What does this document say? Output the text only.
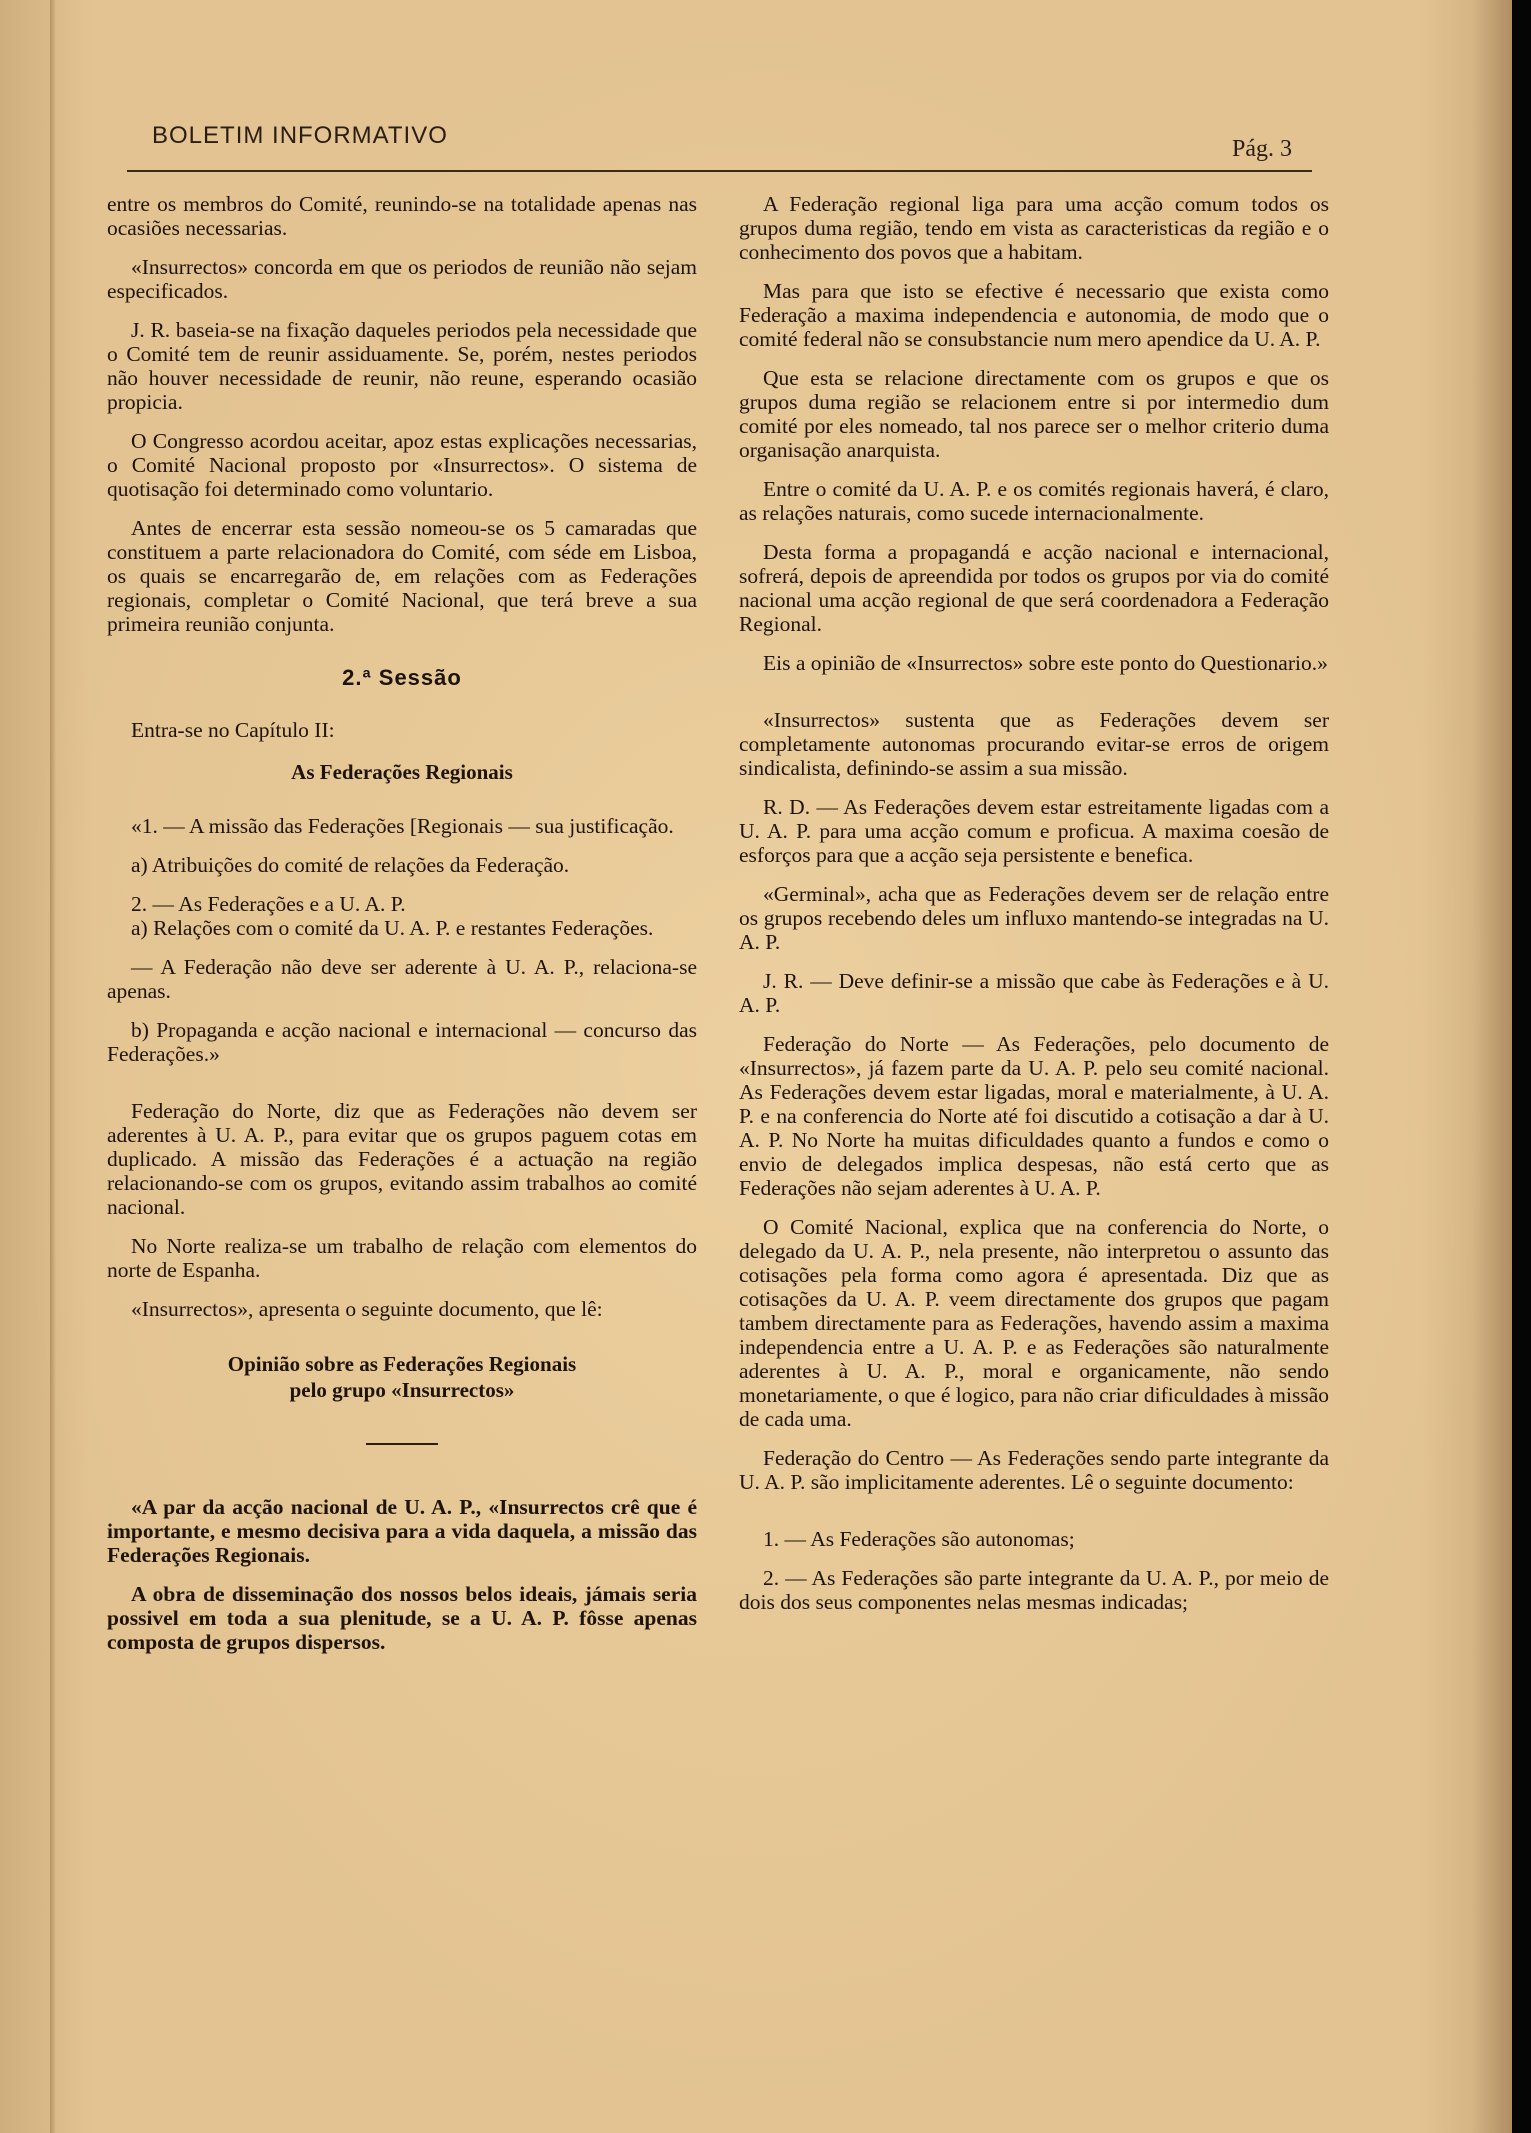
BOLETIM INFORMATIVO	Pág. 3

entre os membros do Comité, reunindo-se na totalidade apenas nas ocasiões necessarias.

«Insurrectos» concorda em que os periodos de reunião não sejam especificados.

J. R. baseia-se na fixação daqueles periodos pela necessidade que o Comité tem de reunir assiduamente. Se, porém, nestes periodos não houver necessidade de reunir, não reune, esperando ocasião propicia.

O Congresso acordou aceitar, apoz estas explicações necessarias, o Comité Nacional proposto por «Insurrectos». O sistema de quotisação foi determinado como voluntario.

Antes de encerrar esta sessão nomeou-se os 5 camaradas que constituem a parte relacionadora do Comité, com séde em Lisboa, os quais se encarregarão de, em relações com as Federações regionais, completar o Comité Nacional, que terá breve a sua primeira reunião conjunta.

2.ª Sessão

Entra-se no Capítulo II:

As Federações Regionais

«1. — A missão das Federações [Regionais — sua justificação.

a) Atribuições do comité de relações da Federação.

2. — As Federações e a U. A. P.

a) Relações com o comité da U. A. P. e restantes Federações.

— A Federação não deve ser aderente à U. A. P., relaciona-se apenas.

b) Propaganda e acção nacional e internacional — concurso das Federações.»

Federação do Norte, diz que as Federações não devem ser aderentes à U. A. P., para evitar que os grupos paguem cotas em duplicado. A missão das Federações é a actuação na região relacionando-se com os grupos, evitando assim trabalhos ao comité nacional.

No Norte realiza-se um trabalho de relação com elementos do norte de Espanha.

«Insurrectos», apresenta o seguinte documento, que lê:

Opinião sobre as Federações Regionais
pelo grupo «Insurrectos»

«A par da acção nacional de U. A. P., «Insurrectos crê que é importante, e mesmo decisiva para a vida daquela, a missão das Federações Regionais.

A obra de disseminação dos nossos belos ideais, jámais seria possivel em toda a sua plenitude, se a U. A. P. fôsse apenas composta de grupos dispersos.

A Federação regional liga para uma acção comum todos os grupos duma região, tendo em vista as caracteristicas da região e o conhecimento dos povos que a habitam.

Mas para que isto se efective é necessario que exista como Federação a maxima independencia e autonomia, de modo que o comité federal não se consubstancie num mero apendice da U. A. P.

Que esta se relacione directamente com os grupos e que os grupos duma região se relacionem entre si por intermedio dum comité por eles nomeado, tal nos parece ser o melhor criterio duma organisação anarquista.

Entre o comité da U. A. P. e os comités regionais haverá, é claro, as relações naturais, como sucede internacionalmente.

Desta forma a propagandá e acção nacional e internacional, sofrerá, depois de apreendida por todos os grupos por via do comité nacional uma acção regional de que será coordenadora a Federação Regional.

Eis a opinião de «Insurrectos» sobre este ponto do Questionario.»

«Insurrectos» sustenta que as Federações devem ser completamente autonomas procurando evitar-se erros de origem sindicalista, definindo-se assim a sua missão.

R. D. — As Federações devem estar estreitamente ligadas com a U. A. P. para uma acção comum e proficua. A maxima coesão de esforços para que a acção seja persistente e benefica.

«Germinal», acha que as Federações devem ser de relação entre os grupos recebendo deles um influxo mantendo-se integradas na U. A. P.

J. R. — Deve definir-se a missão que cabe às Federações e à U. A. P.

Federação do Norte — As Federações, pelo documento de «Insurrectos», já fazem parte da U. A. P. pelo seu comité nacional. As Federações devem estar ligadas, moral e materialmente, à U. A. P. e na conferencia do Norte até foi discutido a cotisação a dar à U. A. P. No Norte ha muitas dificuldades quanto a fundos e como o envio de delegados implica despesas, não está certo que as Federações não sejam aderentes à U. A. P.

O Comité Nacional, explica que na conferencia do Norte, o delegado da U. A. P., nela presente, não interpretou o assunto das cotisações pela forma como agora é apresentada. Diz que as cotisações da U. A. P. veem directamente dos grupos que pagam tambem directamente para as Federações, havendo assim a maxima independencia entre a U. A. P. e as Federações são naturalmente aderentes à U. A. P., moral e organicamente, não sendo monetariamente, o que é logico, para não criar dificuldades à missão de cada uma.

Federação do Centro — As Federações sendo parte integrante da U. A. P. são implicitamente aderentes. Lê o seguinte documento:

1. — As Federações são autonomas;

2. — As Federações são parte integrante da U. A. P., por meio de dois dos seus componentes nelas mesmas indicadas;
